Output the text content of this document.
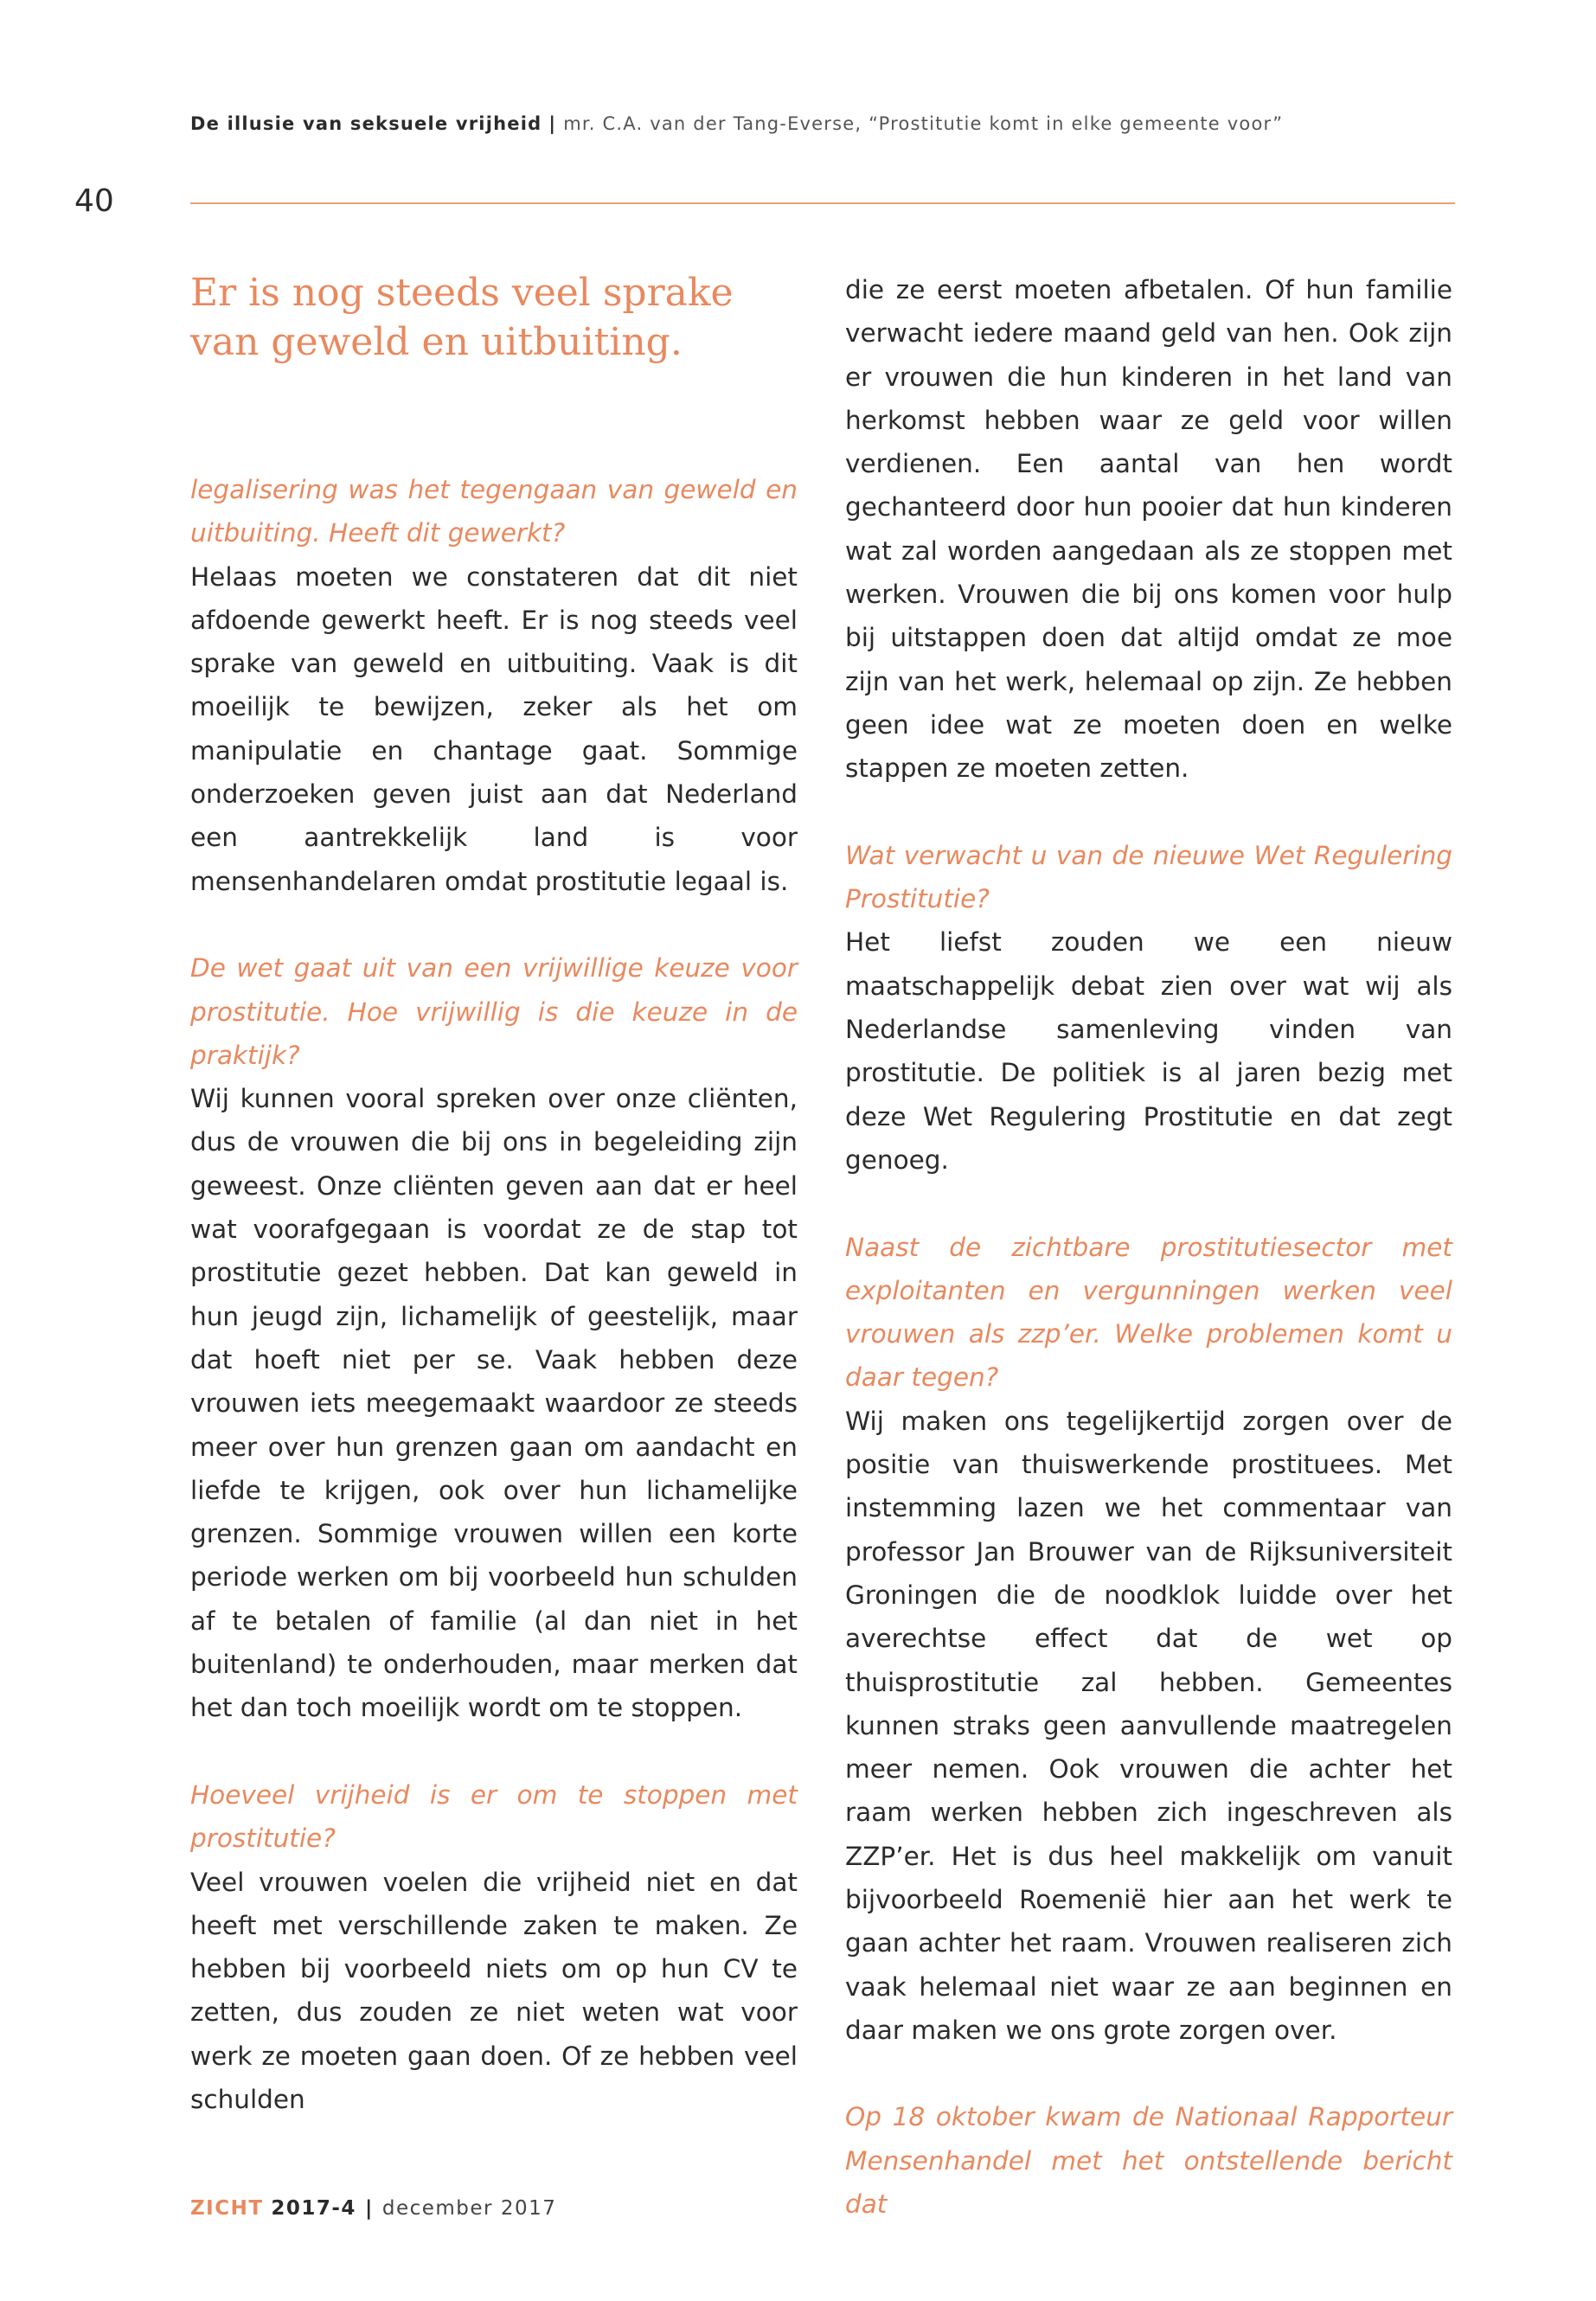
De illusie van seksuele vrijheid | mr. C.A. van der Tang-Everse, “Prostitutie komt in elke gemeente voor”
40
Er is nog steeds veel sprake van geweld en uitbuiting.

legalisering was het tegengaan van geweld en uitbuiting. Heeft dit gewerkt?

Helaas moeten we constateren dat dit niet afdoende gewerkt heeft. Er is nog steeds veel sprake van geweld en uitbuiting. Vaak is dit moeilijk te bewijzen, zeker als het om manipulatie en chantage gaat. Sommige onderzoeken geven juist aan dat Nederland een aantrekkelijk land is voor mensenhandelaren omdat prostitutie legaal is.

De wet gaat uit van een vrijwillige keuze voor prostitutie. Hoe vrijwillig is die keuze in de praktijk?

Wij kunnen vooral spreken over onze cliënten, dus de vrouwen die bij ons in begeleiding zijn geweest. Onze cliënten geven aan dat er heel wat voorafgegaan is voordat ze de stap tot prostitutie gezet hebben. Dat kan geweld in hun jeugd zijn, lichamelijk of geestelijk, maar dat hoeft niet per se. Vaak hebben deze vrouwen iets meegemaakt waardoor ze steeds meer over hun grenzen gaan om aandacht en liefde te krijgen, ook over hun lichamelijke grenzen. Sommige vrouwen willen een korte periode werken om bij voorbeeld hun schulden af te betalen of familie (al dan niet in het buitenland) te onderhouden, maar merken dat het dan toch moeilijk wordt om te stoppen.

Hoeveel vrijheid is er om te stoppen met prostitutie?

Veel vrouwen voelen die vrijheid niet en dat heeft met verschillende zaken te maken. Ze hebben bij voorbeeld niets om op hun CV te zetten, dus zouden ze niet weten wat voor werk ze moeten gaan doen. Of ze hebben veel schulden

die ze eerst moeten afbetalen. Of hun familie verwacht iedere maand geld van hen. Ook zijn er vrouwen die hun kinderen in het land van herkomst hebben waar ze geld voor willen verdienen. Een aantal van hen wordt gechanteerd door hun pooier dat hun kinderen wat zal worden aangedaan als ze stoppen met werken. Vrouwen die bij ons komen voor hulp bij uitstappen doen dat altijd omdat ze moe zijn van het werk, helemaal op zijn. Ze hebben geen idee wat ze moeten doen en welke stappen ze moeten zetten.

Wat verwacht u van de nieuwe Wet Regulering Prostitutie?

Het liefst zouden we een nieuw maatschappelijk debat zien over wat wij als Nederlandse samenleving vinden van prostitutie. De politiek is al jaren bezig met deze Wet Regulering Prostitutie en dat zegt genoeg.

Naast de zichtbare prostitutiesector met exploitanten en vergunningen werken veel vrouwen als zzp’er. Welke problemen komt u daar tegen?

Wij maken ons tegelijkertijd zorgen over de positie van thuiswerkende prostituees. Met instemming lazen we het commentaar van professor Jan Brouwer van de Rijksuniversiteit Groningen die de noodklok luidde over het averechtse effect dat de wet op thuisprostitutie zal hebben. Gemeentes kunnen straks geen aanvullende maatregelen meer nemen. Ook vrouwen die achter het raam werken hebben zich ingeschreven als ZZP’er. Het is dus heel makkelijk om vanuit bijvoorbeeld Roemenië hier aan het werk te gaan achter het raam. Vrouwen realiseren zich vaak helemaal niet waar ze aan beginnen en daar maken we ons grote zorgen over.

Op 18 oktober kwam de Nationaal Rapporteur Mensenhandel met het ontstellende bericht dat

ZICHT 2017-4 | december 2017
